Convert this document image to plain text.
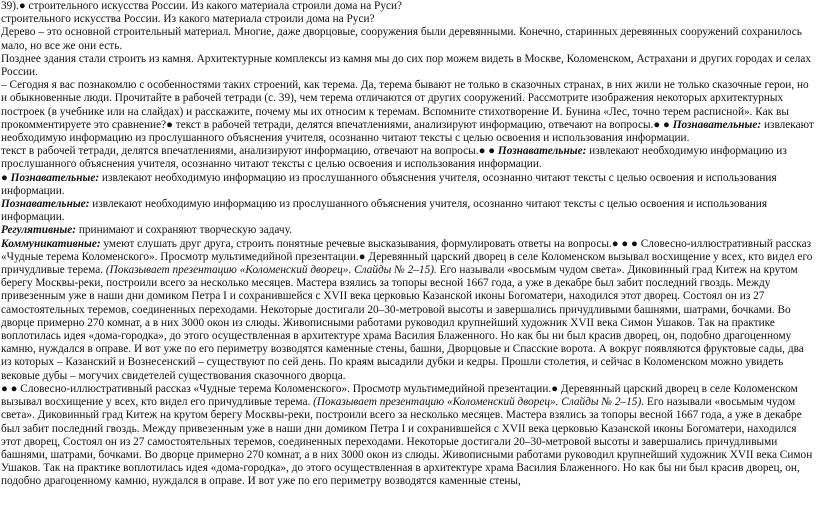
39).● строительного искусства России. Из какого материала строили дома на Руси?
строительного искусства России. Из какого материала строили дома на Руси?

Дерево – это основной строительный материал. Многие, даже дворцовые, сооружения были деревянными. Конечно, старинных деревянных сооружений сохранилось мало, но все же они есть.

Позднее здания стали строить из камня. Архитектурные комплексы из камня мы до сих пор можем видеть в Москве, Коломенском, Астрахани и других городах и селах России.

– Сегодня я вас познакомлю с особенностями таких строений, как терема. Да, терема бывают не только в сказочных странах, в них жили не только сказочные герои, но и обыкновенные люди. Прочитайте в рабочей тетради (с. 39), чем терема отличаются от других сооружений. Рассмотрите изображения некоторых архитектурных построек (в учебнике или на слайдах) и расскажите, почему мы их относим к теремам. Вспомните стихотворение И. Бунина «Лес, точно терем расписной». Как вы прокомментируете это сравнение?● текст в рабочей тетради, делятся впечатлениями, анализируют информацию, отвечают на вопросы.● ● Познавательные: извлекают необходимую информацию из прослушанного объяснения учителя, осознанно читают тексты с целью освоения и использования информации.

текст в рабочей тетради, делятся впечатлениями, анализируют информацию, отвечают на вопросы.● ● Познавательные: извлекают необходимую информацию из прослушанного объяснения учителя, осознанно читают тексты с целью освоения и использования информации.

● Познавательные: извлекают необходимую информацию из прослушанного объяснения учителя, осознанно читают тексты с целью освоения и использования информации.

Познавательные: извлекают необходимую информацию из прослушанного объяснения учителя, осознанно читают тексты с целью освоения и использования информации.

Регулятивные: принимают и сохраняют творческую задачу.

Коммуникативные: умеют слушать друг друга, строить понятные речевые высказывания, формулировать ответы на вопросы.● ● ● Словесно-иллюстративный рассказ «Чудные терема Коломенского». Просмотр мультимедийной презентации.● Деревянный царский дворец в селе Коломенском вызывал восхищение у всех, кто видел его причудливые терема. (Показывает презентацию «Коломенский дворец». Слайды № 2–15). Его называли «восьмым чудом света». Диковинный град Китеж на крутом берегу Москвы-реки, построили всего за несколько месяцев. Мастера взялись за топоры весной 1667 года, а уже в декабре был забит последний гвоздь. Между привезенным уже в наши дни домиком Петра I и сохранившейся с XVII века церковью Казанской иконы Богоматери, находился этот дворец. Состоял он из 27 самостоятельных теремов, соединенных переходами. Некоторые достигали 20–30-метровой высоты и завершались причудливыми башнями, шатрами, бочками. Во дворце примерно 270 комнат, а в них 3000 окон из слюды. Живописными работами руководил крупнейший художник XVII века Симон Ушаков. Так на практике воплотилась идея «дома-городка», до этого осуществленная в архитектуре храма Василия Блаженного. Но как бы ни был красив дворец, он, подобно драгоценному камню, нуждался в оправе. И вот уже по его периметру возводятся каменные стены, башни, Дворцовые и Спасские ворота. А вокруг появляются фруктовые сады, два из которых – Казанский и Вознесенский – существуют по сей день. По краям высадили дубки и кедры. Прошли столетия, и сейчас в Коломенском можно увидеть вековые дубы – могучих свидетелей существования сказочного дворца.

● ● Словесно-иллюстративный рассказ «Чудные терема Коломенского». Просмотр мультимедийной презентации.● Деревянный царский дворец в селе Коломенском вызывал восхищение у всех, кто видел его причудливые терема. (Показывает презентацию «Коломенский дворец». Слайды № 2–15). Его называли «восьмым чудом света». Диковинный град Китеж на крутом берегу Москвы-реки, построили всего за несколько месяцев. Мастера взялись за топоры весной 1667 года, а уже в декабре был забит последний гвоздь. Между привезенным уже в наши дни домиком Петра I и сохранившейся с XVII века церковью Казанской иконы Богоматери, находился этот дворец, Состоял он из 27 самостоятельных теремов, соединенных переходами. Некоторые достигали 20–30-метровой высоты и завершались причудливыми башнями, шатрами, бочками. Во дворце примерно 270 комнат, а в них 3000 окон из слюды. Живописными работами руководил крупнейший художник XVII века Симон Ушаков. Так на практике воплотилась идея «дома-городка», до этого осуществленная в архитектуре храма Василия Блаженного. Но как бы ни был красив дворец, он, подобно драгоценному камню, нуждался в оправе. И вот уже по его периметру возводятся каменные стены,
